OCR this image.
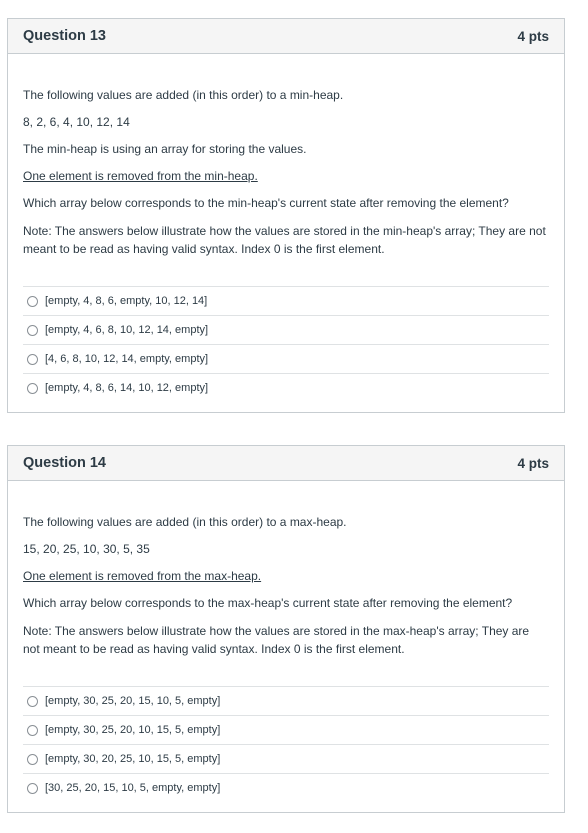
Question 13	4 pts

The following values are added (in this order) to a min-heap.

8, 2, 6, 4, 10, 12, 14

The min-heap is using an array for storing the values.

One element is removed from the min-heap.

Which array below corresponds to the min-heap's current state after removing the element?

Note: The answers below illustrate how the values are stored in the min-heap's array; They are not meant to be read as having valid syntax. Index 0 is the first element.

[empty, 4, 8, 6, empty, 10, 12, 14]
[empty, 4, 6, 8, 10, 12, 14, empty]
[4, 6, 8, 10, 12, 14, empty, empty]
[empty, 4, 8, 6, 14, 10, 12, empty]
Question 14	4 pts

The following values are added (in this order) to a max-heap.

15, 20, 25, 10, 30, 5, 35

One element is removed from the max-heap.

Which array below corresponds to the max-heap's current state after removing the element?

Note: The answers below illustrate how the values are stored in the max-heap's array; They are not meant to be read as having valid syntax. Index 0 is the first element.

[empty, 30, 25, 20, 15, 10, 5, empty]
[empty, 30, 25, 20, 10, 15, 5, empty]
[empty, 30, 20, 25, 10, 15, 5, empty]
[30, 25, 20, 15, 10, 5, empty, empty]
